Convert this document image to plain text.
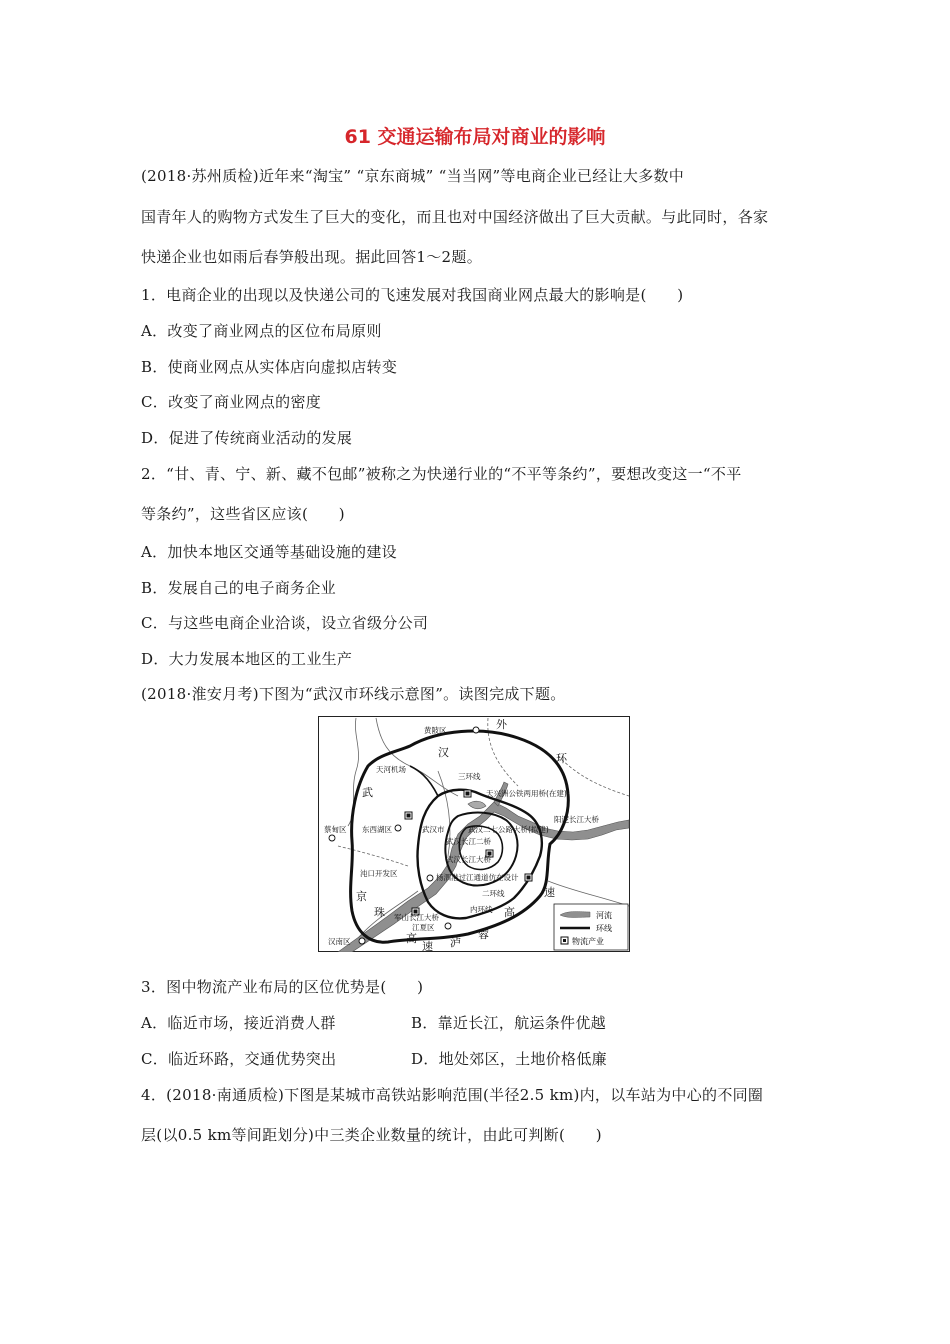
61 交通运输布局对商业的影响
(2018·苏州质检)近年来“淘宝” “京东商城” “当当网”等电商企业已经让大多数中
国青年人的购物方式发生了巨大的变化，而且也对中国经济做出了巨大贡献。与此同时，各家
快递企业也如雨后春笋般出现。据此回答1～2题。
1．电商企业的出现以及快递公司的飞速发展对我国商业网点最大的影响是(　　)
A．改变了商业网点的区位布局原则
B．使商业网点从实体店向虚拟店转变
C．改变了商业网点的密度
D．促进了传统商业活动的发展
2．“甘、青、宁、新、藏不包邮”被称之为快递行业的“不平等条约”，要想改变这一“不平
等条约”，这些省区应该(　　)
A．加快本地区交通等基础设施的建设
B．发展自己的电子商务企业
C．与这些电商企业洽谈，设立省级分公司
D．大力发展本地区的工业生产
(2018·淮安月考)下图为“武汉市环线示意图”。读图完成下题。
黄陂区
天河机场
三环线
天兴洲公铁两用桥(在建)
阳逻长江大桥
蔡甸区 东西湖区	武汉市	武汉二七公路大桥(拟建)
武汉长江二桥
武汉长江大桥
沌口开发区	杨泗港过江通道仿在设计
二环线
内环线
军山长江大桥
江夏区
汉南区
外
环
汉
武
京
珠
高
速 泸
蓉
高
速
河流
环线
物流产业
3．图中物流产业布局的区位优势是(　　)
A．临近市场，接近消费人群	B．靠近长江，航运条件优越
C．临近环路，交通优势突出	D．地处郊区，土地价格低廉
4．(2018·南通质检)下图是某城市高铁站影响范围(半径2.5 km)内，以车站为中心的不同圈
层(以0.5 km等间距划分)中三类企业数量的统计，由此可判断(　　)
